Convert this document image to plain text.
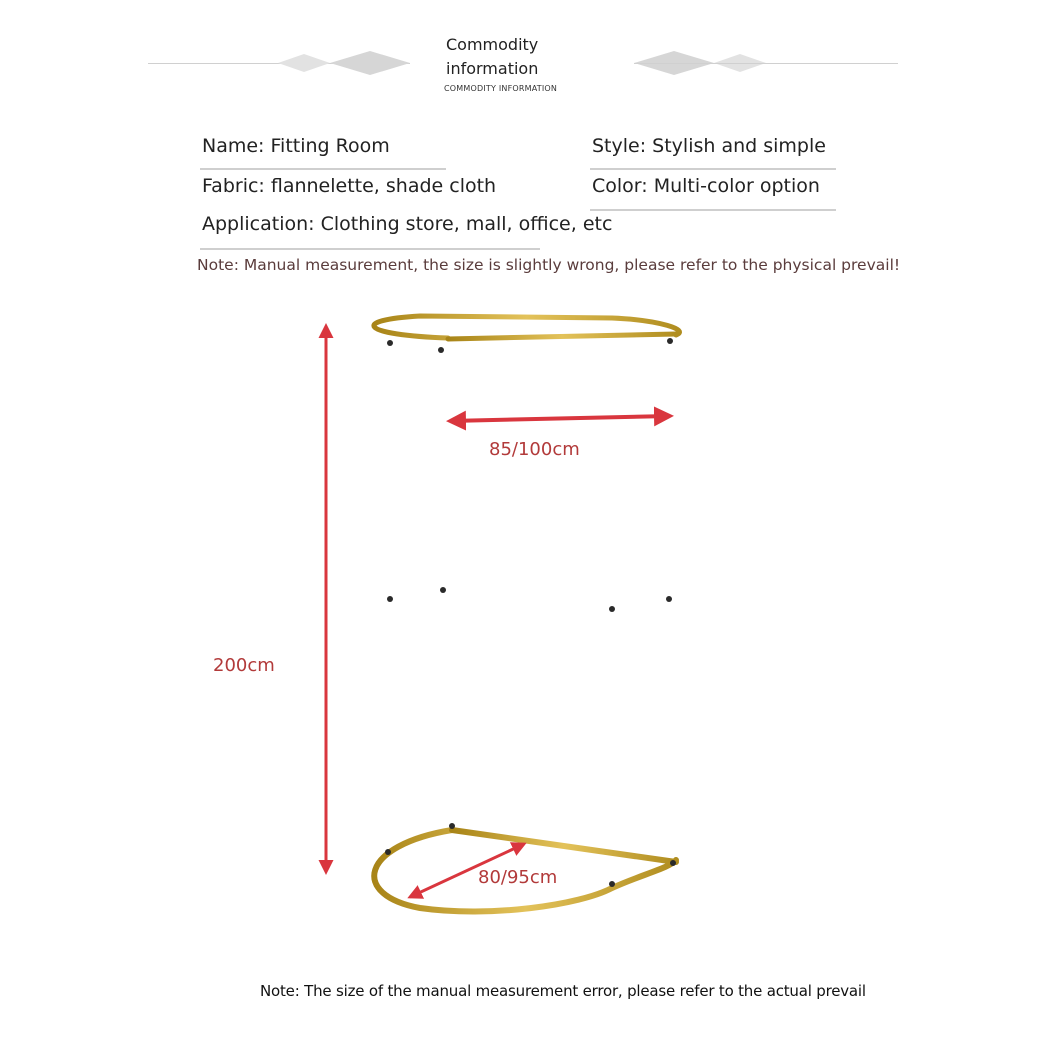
Commodity
information
COMMODITY INFORMATION
Name: Fitting Room	Style: Stylish and simple
Fabric: flannelette, shade cloth	Color: Multi-color option
Application: Clothing store, mall, office, etc
Note: Manual measurement, the size is slightly wrong, please refer to the physical prevail!
200cm
85/100cm
80/95cm
Note: The size of the manual measurement error, please refer to the actual prevail
